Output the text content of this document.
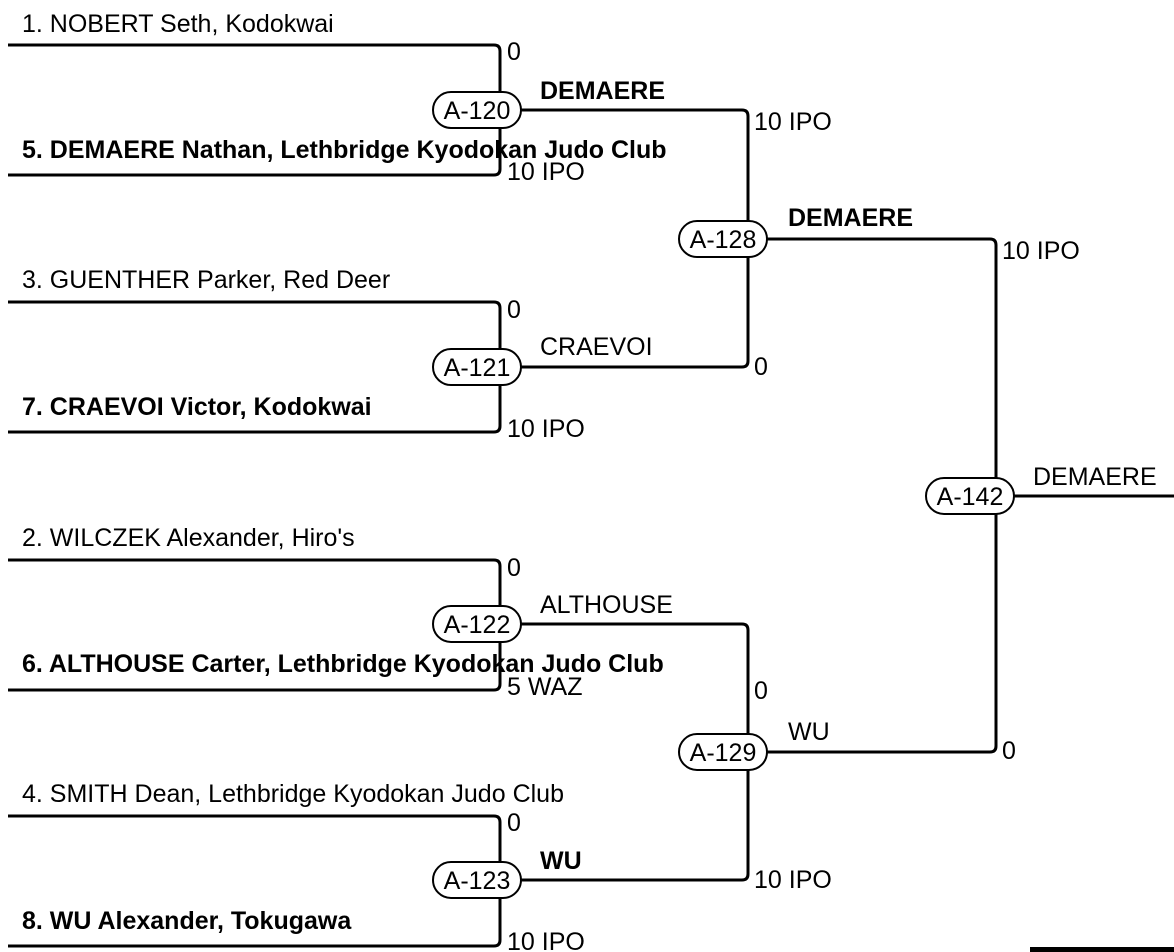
1. NOBERT Seth, Kodokwai
5. DEMAERE Nathan, Lethbridge Kyodokan Judo Club
3. GUENTHER Parker, Red Deer
7. CRAEVOI Victor, Kodokwai
2. WILCZEK Alexander, Hiro's
6. ALTHOUSE Carter, Lethbridge Kyodokan Judo Club
4. SMITH Dean, Lethbridge Kyodokan Judo Club
8. WU Alexander, Tokugawa
0
10 IPO
0
10 IPO
0
5 WAZ
0
10 IPO
DEMAERE
CRAEVOI
ALTHOUSE
WU
10 IPO
0
0
10 IPO
DEMAERE
WU
10 IPO
0
DEMAERE
A-120
A-121
A-122
A-123
A-128
A-129
A-142
